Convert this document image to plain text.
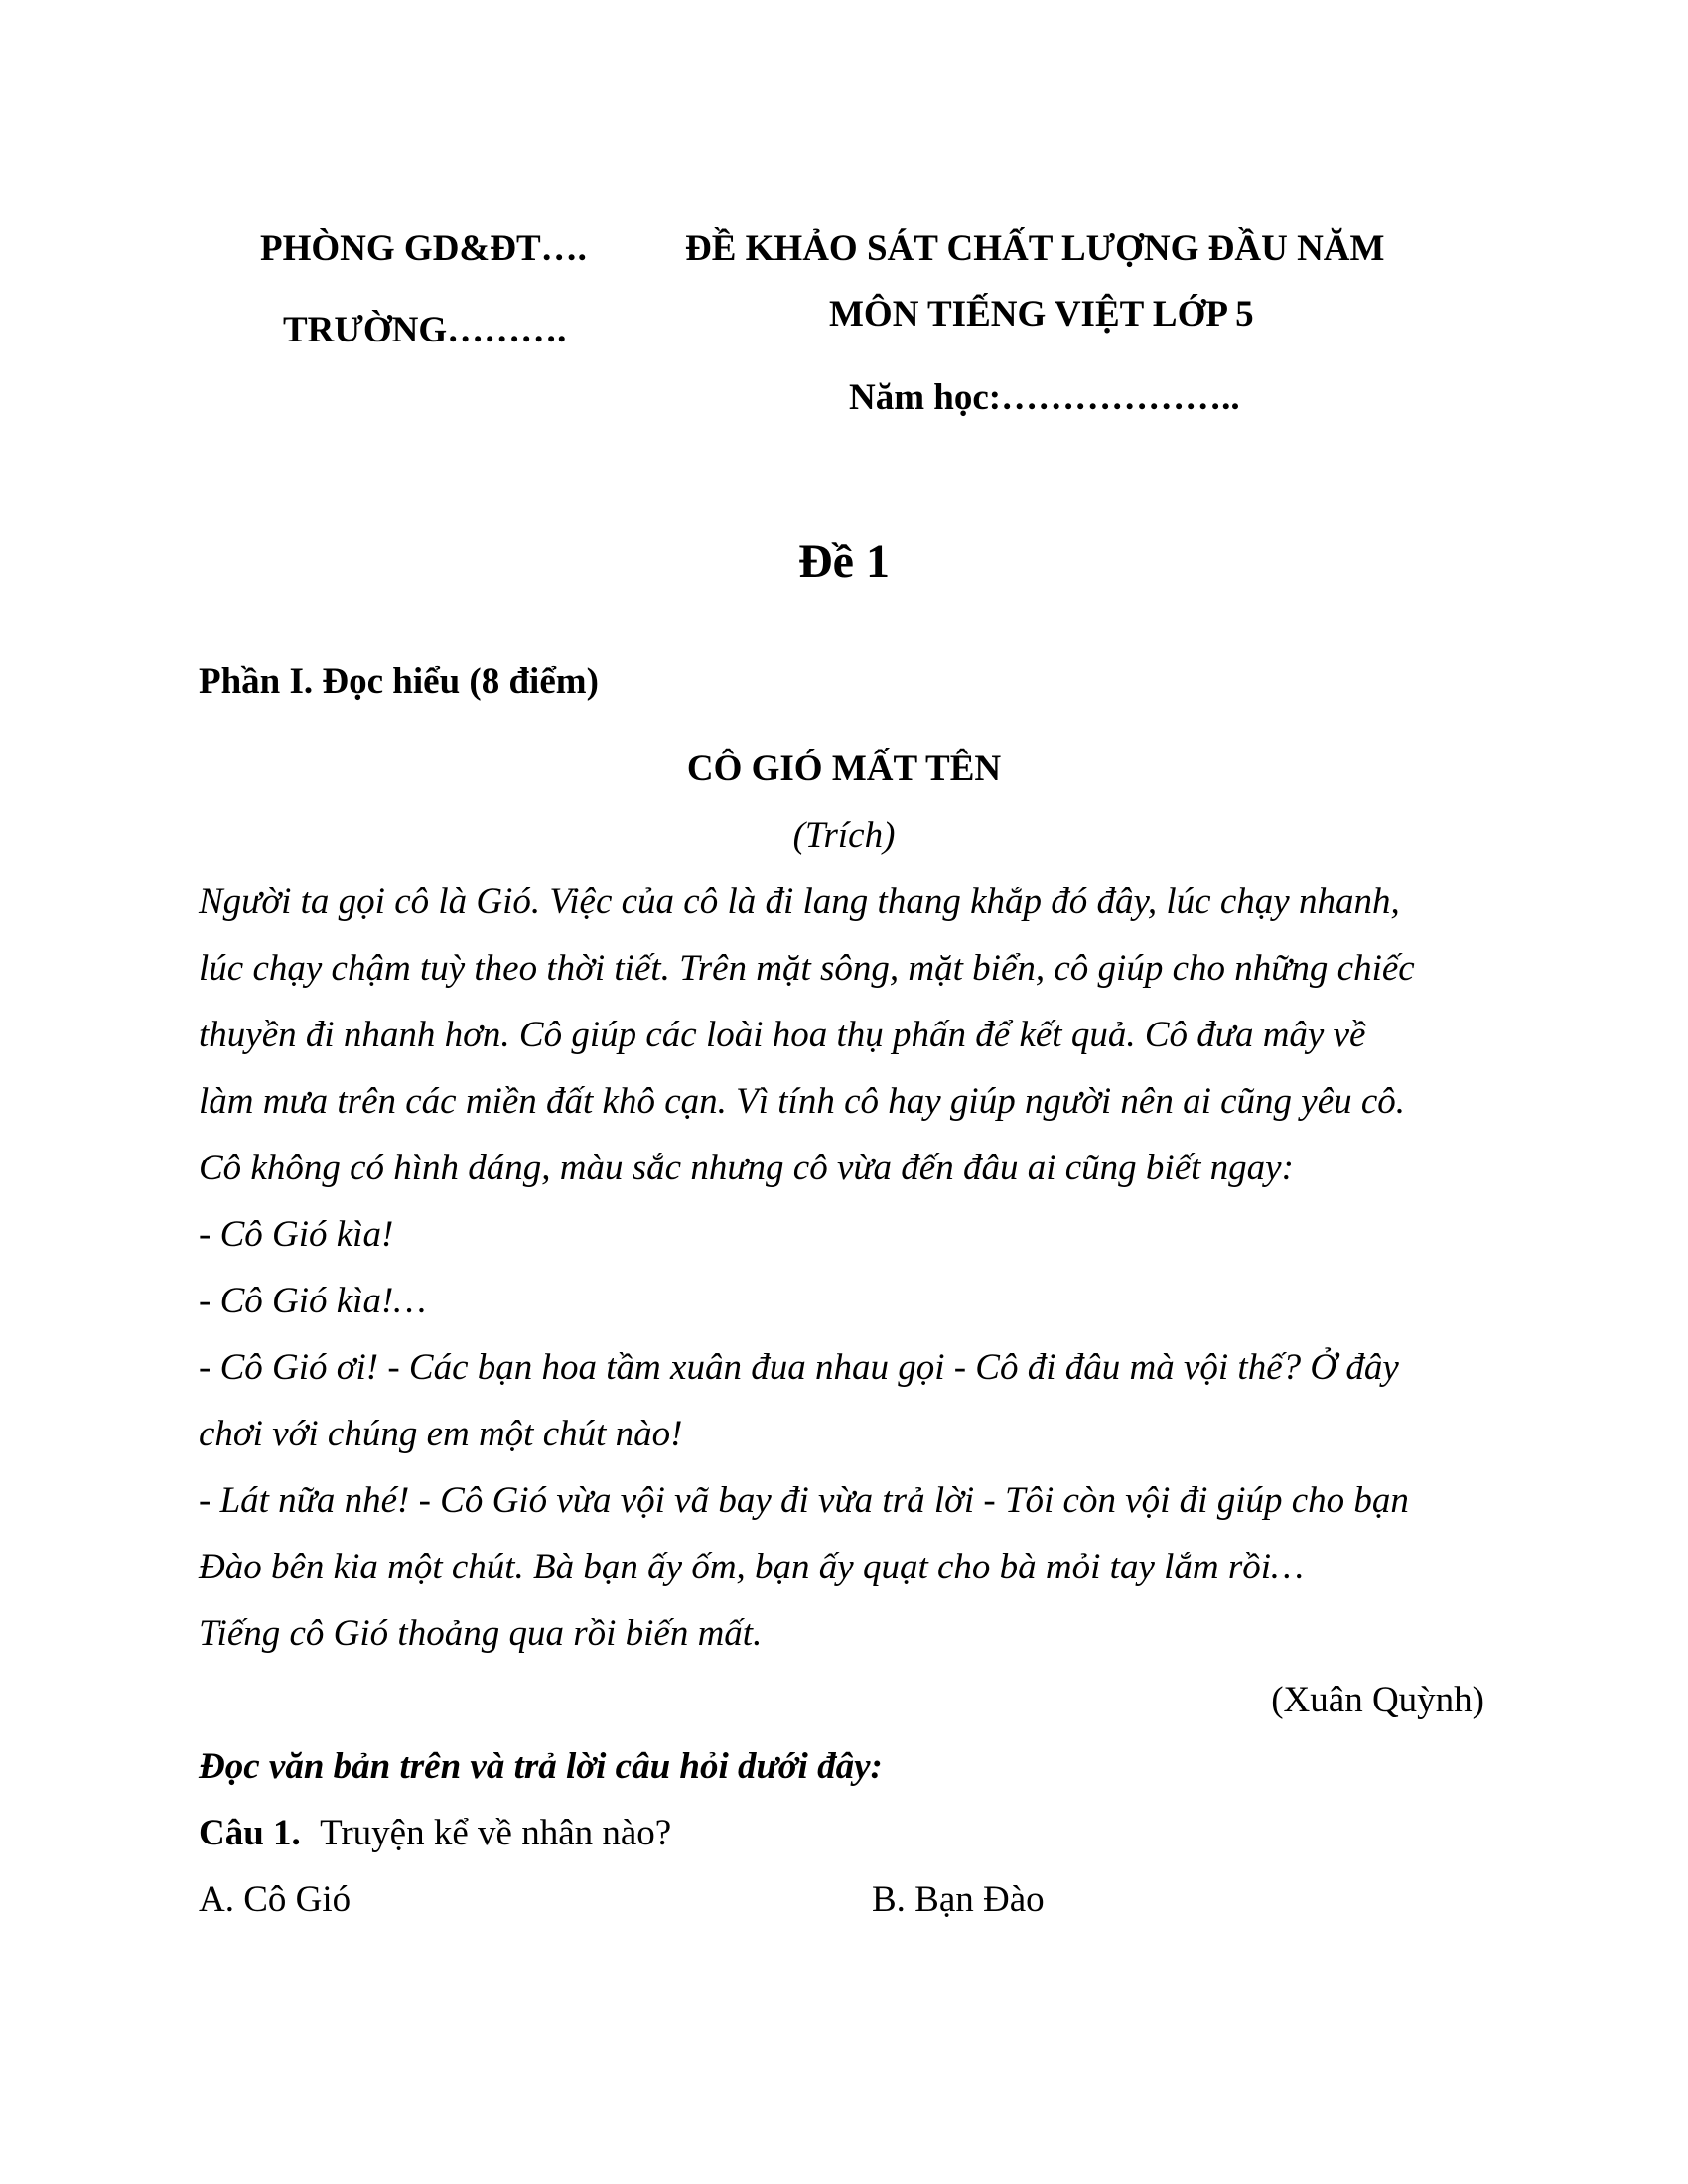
PHÒNG GD&ĐT….
TRƯỜNG……….
ĐỀ KHẢO SÁT CHẤT LƯỢNG ĐẦU NĂM
MÔN TIẾNG VIỆT LỚP 5
Năm học:………………..
Đề 1
Phần I. Đọc hiểu (8 điểm)
CÔ GIÓ MẤT TÊN
(Trích)
Người ta gọi cô là Gió. Việc của cô là đi lang thang khắp đó đây, lúc chạy nhanh,
lúc chạy chậm tuỳ theo thời tiết. Trên mặt sông, mặt biển, cô giúp cho những chiếc
thuyền đi nhanh hơn. Cô giúp các loài hoa thụ phấn để kết quả. Cô đưa mây về
làm mưa trên các miền đất khô cạn. Vì tính cô hay giúp người nên ai cũng yêu cô.
Cô không có hình dáng, màu sắc nhưng cô vừa đến đâu ai cũng biết ngay:
- Cô Gió kìa!
- Cô Gió kìa!…
- Cô Gió ơi! - Các bạn hoa tầm xuân đua nhau gọi - Cô đi đâu mà vội thế? Ở đây
chơi với chúng em một chút nào!
- Lát nữa nhé! - Cô Gió vừa vội vã bay đi vừa trả lời - Tôi còn vội đi giúp cho bạn
Đào bên kia một chút. Bà bạn ấy ốm, bạn ấy quạt cho bà mỏi tay lắm rồi…
Tiếng cô Gió thoảng qua rồi biến mất.
(Xuân Quỳnh)
Đọc văn bản trên và trả lời câu hỏi dưới đây:
Câu 1. Truyện kể về nhân nào?
A. Cô Gió	B. Bạn Đào
